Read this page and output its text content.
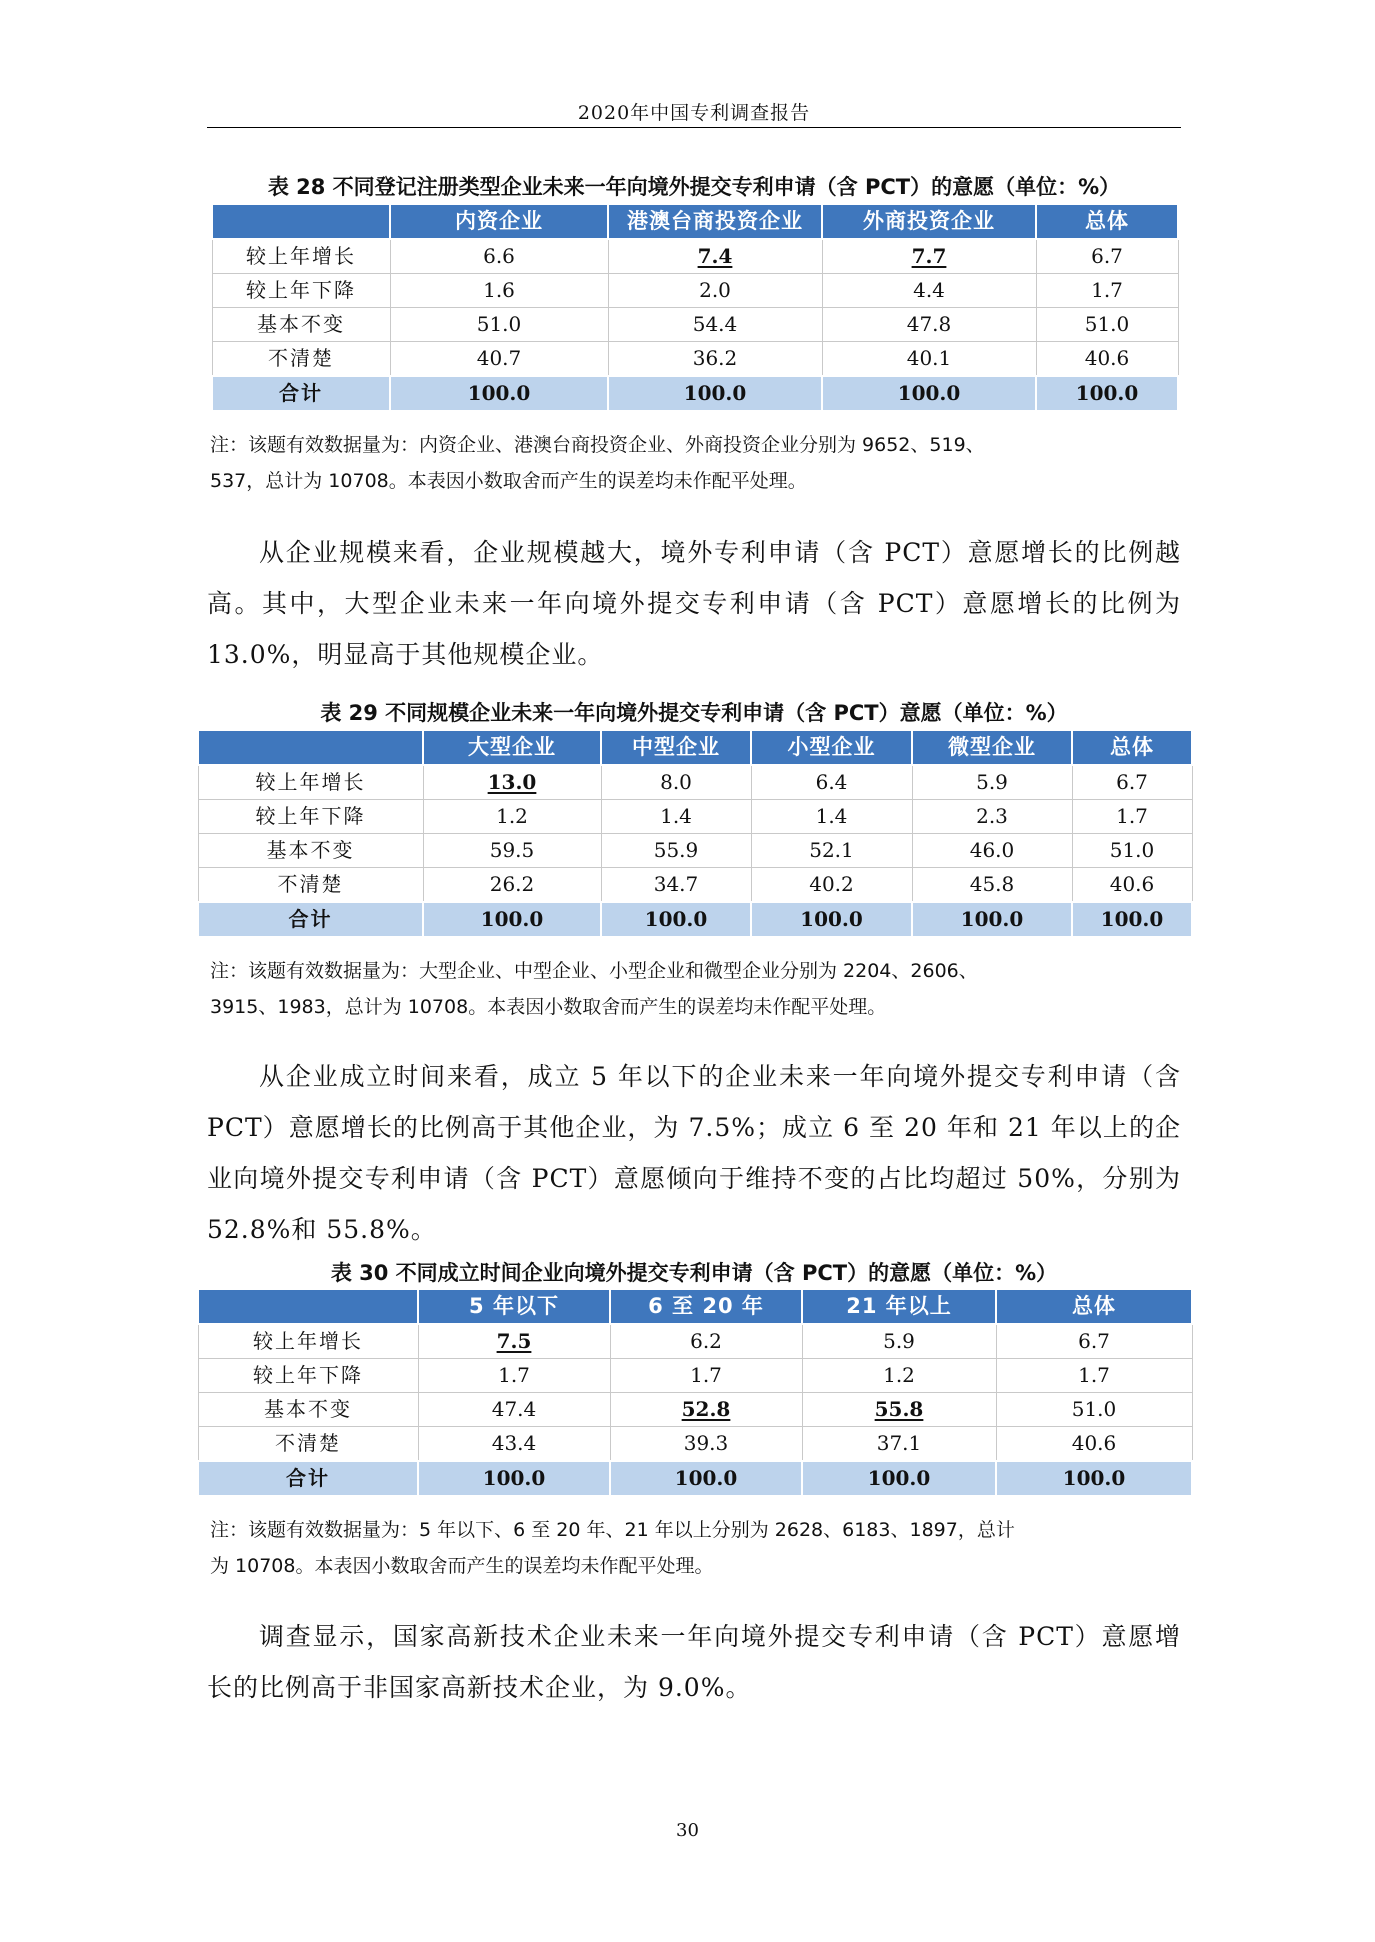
2020年中国专利调查报告
表 28 不同登记注册类型企业未来一年向境外提交专利申请（含 PCT）的意愿（单位：%）
	内资企业	港澳台商投资企业	外商投资企业	总体
较上年增长	6.6	7.4	7.7	6.7
较上年下降	1.6	2.0	4.4	1.7
基本不变	51.0	54.4	47.8	51.0
不清楚	40.7	36.2	40.1	40.6
合计	100.0	100.0	100.0	100.0
注：该题有效数据量为：内资企业、港澳台商投资企业、外商投资企业分别为 9652、519、
537，总计为 10708。本表因小数取舍而产生的误差均未作配平处理。
从企业规模来看，企业规模越大，境外专利申请（含 PCT）意愿增长的比例越高。其中，大型企业未来一年向境外提交专利申请（含 PCT）意愿增长的比例为 13.0%，明显高于其他规模企业。
表 29 不同规模企业未来一年向境外提交专利申请（含 PCT）意愿（单位：%）
	大型企业	中型企业	小型企业	微型企业	总体
较上年增长	13.0	8.0	6.4	5.9	6.7
较上年下降	1.2	1.4	1.4	2.3	1.7
基本不变	59.5	55.9	52.1	46.0	51.0
不清楚	26.2	34.7	40.2	45.8	40.6
合计	100.0	100.0	100.0	100.0	100.0
注：该题有效数据量为：大型企业、中型企业、小型企业和微型企业分别为 2204、2606、
3915、1983，总计为 10708。本表因小数取舍而产生的误差均未作配平处理。
从企业成立时间来看，成立 5 年以下的企业未来一年向境外提交专利申请（含 PCT）意愿增长的比例高于其他企业，为 7.5%；成立 6 至 20 年和 21 年以上的企业向境外提交专利申请（含 PCT）意愿倾向于维持不变的占比均超过 50%，分别为 52.8%和 55.8%。
表 30 不同成立时间企业向境外提交专利申请（含 PCT）的意愿（单位：%）
	5 年以下	6 至 20 年	21 年以上	总体
较上年增长	7.5	6.2	5.9	6.7
较上年下降	1.7	1.7	1.2	1.7
基本不变	47.4	52.8	55.8	51.0
不清楚	43.4	39.3	37.1	40.6
合计	100.0	100.0	100.0	100.0
注：该题有效数据量为：5 年以下、6 至 20 年、21 年以上分别为 2628、6183、1897，总计
为 10708。本表因小数取舍而产生的误差均未作配平处理。
调查显示，国家高新技术企业未来一年向境外提交专利申请（含 PCT）意愿增长的比例高于非国家高新技术企业，为 9.0%。
30
